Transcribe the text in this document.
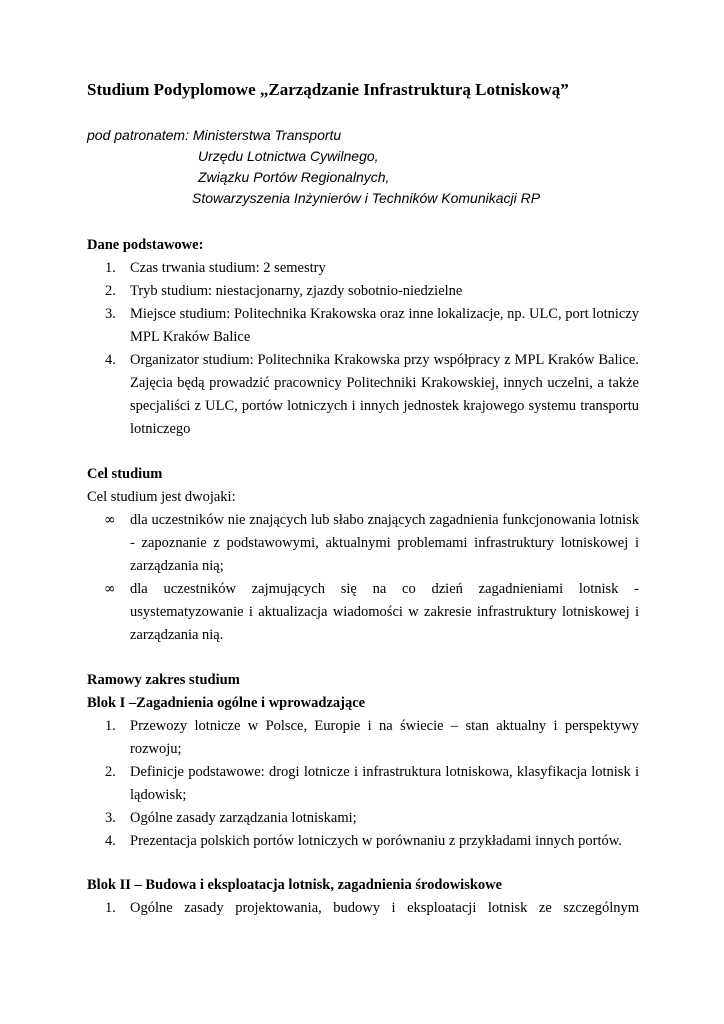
Studium Podyplomowe „Zarządzanie Infrastrukturą Lotniskową”
pod patronatem: Ministerstwa Transportu
Urzędu Lotnictwa Cywilnego,
Związku Portów Regionalnych,
Stowarzyszenia Inżynierów i Techników Komunikacji RP
Dane podstawowe:
1. Czas trwania studium: 2 semestry
2. Tryb studium: niestacjonarny, zjazdy sobotnio-niedzielne
3. Miejsce studium: Politechnika Krakowska oraz inne lokalizacje, np. ULC, port lotniczy MPL Kraków Balice
4. Organizator studium: Politechnika Krakowska przy współpracy z MPL Kraków Balice. Zajęcia będą prowadzić pracownicy Politechniki Krakowskiej, innych uczelni, a także specjaliści z ULC, portów lotniczych i innych jednostek krajowego systemu transportu lotniczego
Cel studium
Cel studium jest dwojaki:
∞ dla uczestników nie znających lub słabo znających zagadnienia funkcjonowania lotnisk - zapoznanie z podstawowymi, aktualnymi problemami infrastruktury lotniskowej i zarządzania nią;
∞ dla uczestników zajmujących się na co dzień zagadnieniami lotnisk - usystematyzowanie i aktualizacja wiadomości w zakresie infrastruktury lotniskowej i zarządzania nią.
Ramowy zakres studium
Blok I –Zagadnienia ogólne i wprowadzające
1. Przewozy lotnicze w Polsce, Europie i na świecie – stan aktualny i perspektywy rozwoju;
2. Definicje podstawowe: drogi lotnicze i infrastruktura lotniskowa, klasyfikacja lotnisk i lądowisk;
3. Ogólne zasady zarządzania lotniskami;
4. Prezentacja polskich portów lotniczych w porównaniu z przykładami innych portów.
Blok II – Budowa i eksploatacja lotnisk, zagadnienia środowiskowe
1. Ogólne zasady projektowania, budowy i eksploatacji lotnisk ze szczególnym
